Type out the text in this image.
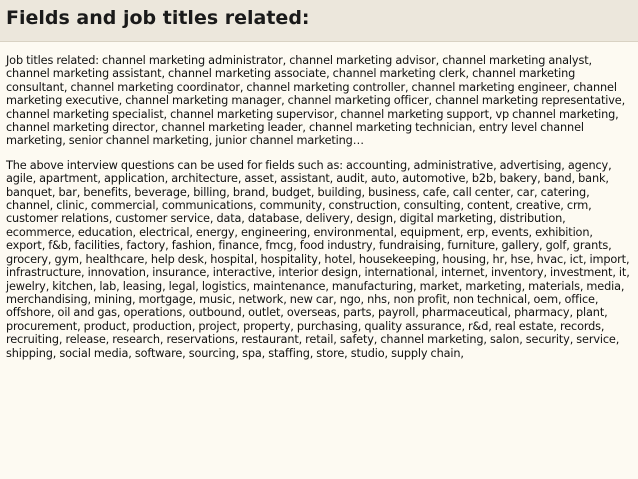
Fields and job titles related:

Job titles related: channel marketing administrator, channel marketing advisor, channel marketing analyst, channel marketing assistant, channel marketing associate, channel marketing clerk, channel marketing consultant, channel marketing coordinator, channel marketing controller, channel marketing engineer, channel marketing executive, channel marketing manager, channel marketing officer, channel marketing representative, channel marketing specialist, channel marketing supervisor, channel marketing support, vp channel marketing, channel marketing director, channel marketing leader, channel marketing technician, entry level channel marketing, senior channel marketing, junior channel marketing…

The above interview questions can be used for fields such as: accounting, administrative, advertising, agency, agile, apartment, application, architecture, asset, assistant, audit, auto, automotive, b2b, bakery, band, bank, banquet, bar, benefits, beverage, billing, brand, budget, building, business, cafe, call center, car, catering, channel, clinic, commercial, communications, community, construction, consulting, content, creative, crm, customer relations, customer service, data, database, delivery, design, digital marketing, distribution, ecommerce, education, electrical, energy, engineering, environmental, equipment, erp, events, exhibition, export, f&b, facilities, factory, fashion, finance, fmcg, food industry, fundraising, furniture, gallery, golf, grants, grocery, gym, healthcare, help desk, hospital, hospitality, hotel, housekeeping, housing, hr, hse, hvac, ict, import, infrastructure, innovation, insurance, interactive, interior design, international, internet, inventory, investment, it, jewelry, kitchen, lab, leasing, legal, logistics, maintenance, manufacturing, market, marketing, materials, media, merchandising, mining, mortgage, music, network, new car, ngo, nhs, non profit, non technical, oem, office, offshore, oil and gas, operations, outbound, outlet, overseas, parts, payroll, pharmaceutical, pharmacy, plant, procurement, product, production, project, property, purchasing, quality assurance, r&d, real estate, records, recruiting, release, research, reservations, restaurant, retail, safety, channel marketing, salon, security, service, shipping, social media, software, sourcing, spa, staffing, store, studio, supply chain,
